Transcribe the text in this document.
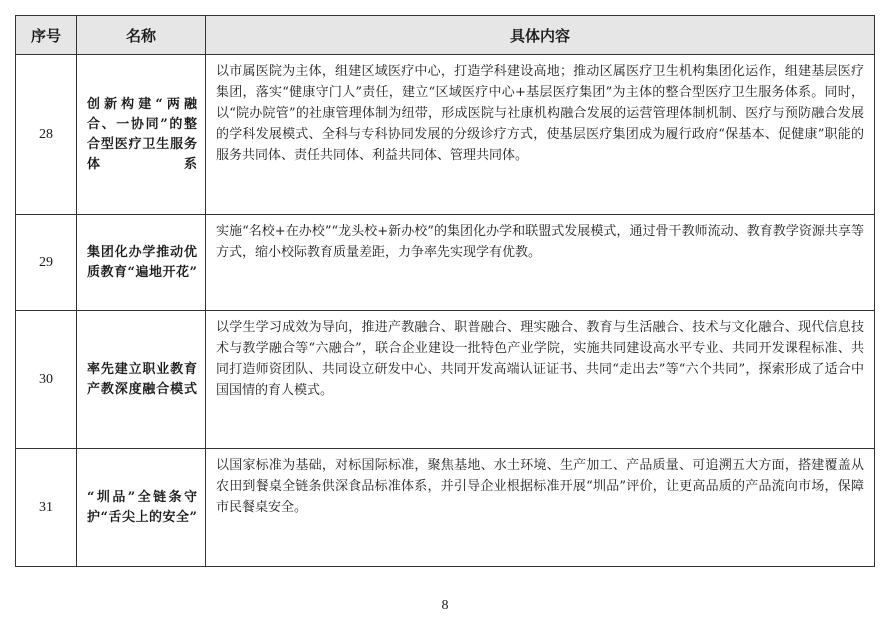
序号	名称	具体内容
28	创新构建“两融合、一协同”的整合型医疗卫生服务体系	以市属医院为主体，组建区域医疗中心，打造学科建设高地；推动区属医疗卫生机构集团化运作，组建基层医疗集团，落实“健康守门人”责任，建立“区域医疗中心+基层医疗集团”为主体的整合型医疗卫生服务体系。同时，以“院办院管”的社康管理体制为纽带，形成医院与社康机构融合发展的运营管理体制机制、医疗与预防融合发展的学科发展模式、全科与专科协同发展的分级诊疗方式，使基层医疗集团成为履行政府“保基本、促健康”职能的服务共同体、责任共同体、利益共同体、管理共同体。
29	集团化办学推动优质教育“遍地开花”	实施“名校+在办校”“龙头校+新办校”的集团化办学和联盟式发展模式，通过骨干教师流动、教育教学资源共享等方式，缩小校际教育质量差距，力争率先实现学有优教。
30	率先建立职业教育产教深度融合模式	以学生学习成效为导向，推进产教融合、职普融合、理实融合、教育与生活融合、技术与文化融合、现代信息技术与教学融合等“六融合”，联合企业建设一批特色产业学院，实施共同建设高水平专业、共同开发课程标准、共同打造师资团队、共同设立研发中心、共同开发高端认证证书、共同“走出去”等“六个共同”，探索形成了适合中国国情的育人模式。
31	“圳品”全链条守护“舌尖上的安全”	以国家标准为基础，对标国际标准，聚焦基地、水土环境、生产加工、产品质量、可追溯五大方面，搭建覆盖从农田到餐桌全链条供深食品标准体系，并引导企业根据标准开展“圳品”评价，让更高品质的产品流向市场，保障市民餐桌安全。
8
